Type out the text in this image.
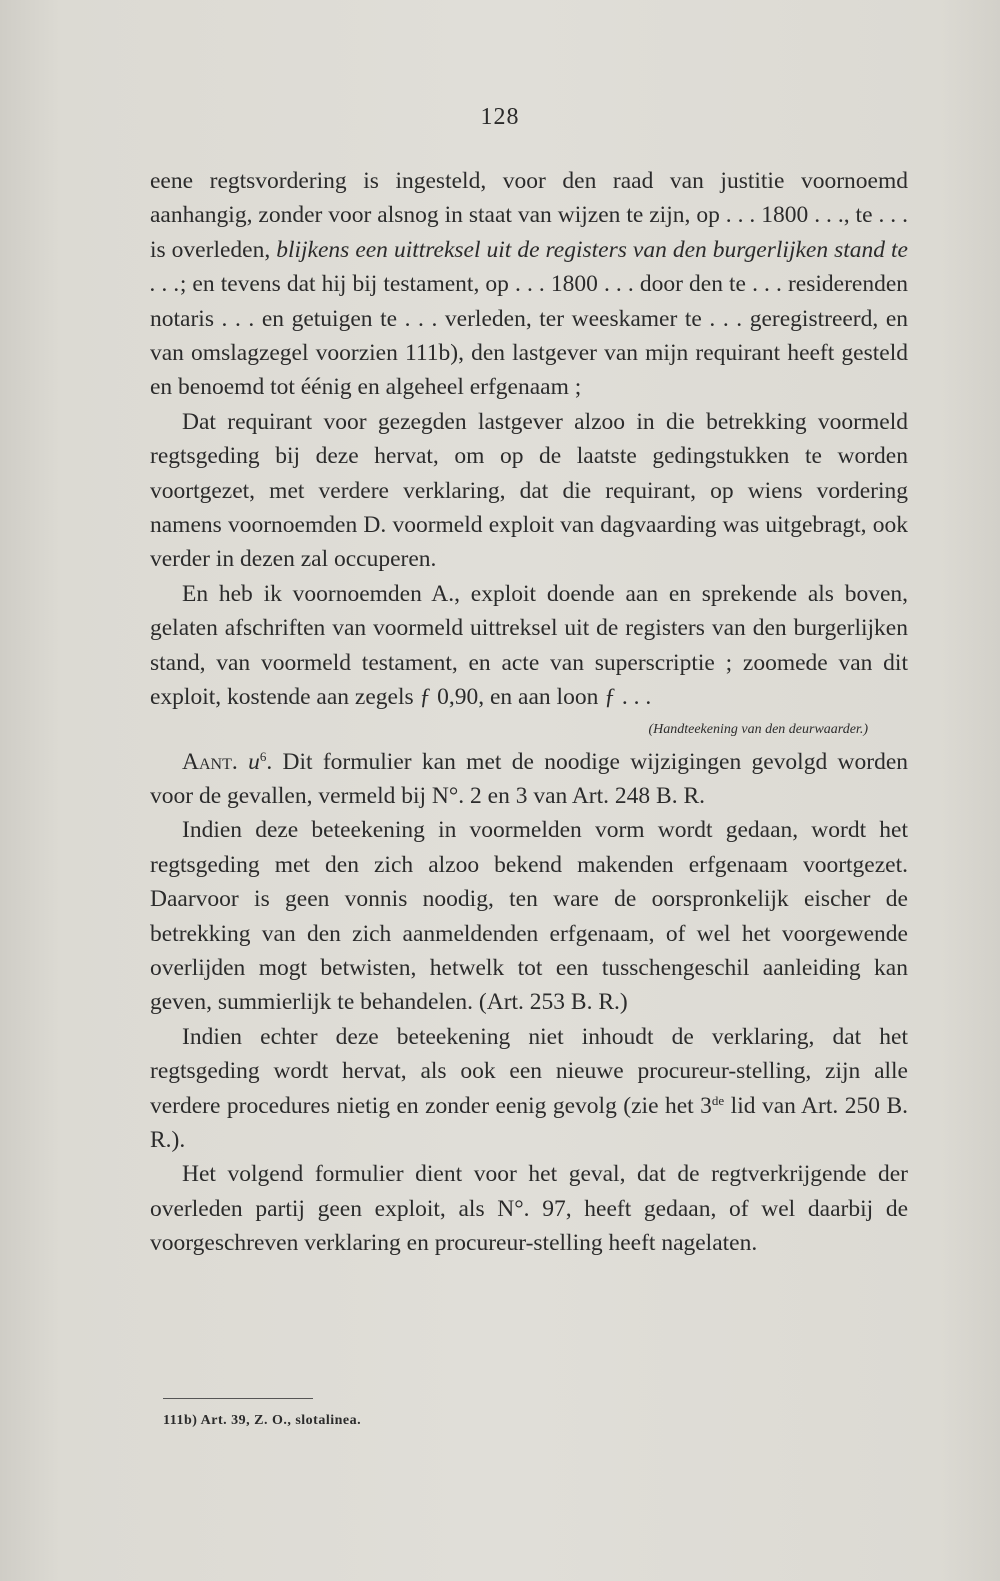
128

eene regtsvordering is ingesteld, voor den raad van justitie voornoemd aanhangig, zonder voor alsnog in staat van wijzen te zijn, op . . . 1800 . . ., te . . . is overleden, blijkens een uittreksel uit de registers van den burgerlijken stand te . . .; en tevens dat hij bij testament, op . . . 1800 . . . door den te . . . residerenden notaris . . . en getuigen te . . . verleden, ter weeskamer te . . . geregistreerd, en van omslagzegel voorzien 111b), den lastgever van mijn requirant heeft gesteld en benoemd tot éénig en algeheel erfgenaam ;

Dat requirant voor gezegden lastgever alzoo in die betrekking voormeld regtsgeding bij deze hervat, om op de laatste gedingstukken te worden voortgezet, met verdere verklaring, dat die requirant, op wiens vordering namens voornoemden D. voormeld exploit van dagvaarding was uitgebragt, ook verder in dezen zal occuperen.

En heb ik voornoemden A., exploit doende aan en sprekende als boven, gelaten afschriften van voormeld uittreksel uit de registers van den burgerlijken stand, van voormeld testament, en acte van superscriptie ; zoomede van dit exploit, kostende aan zegels ƒ 0,90, en aan loon ƒ . . .

(Handteekening van den deurwaarder.)

Aant. $u^6$. Dit formulier kan met de noodige wijzigingen gevolgd worden voor de gevallen, vermeld bij N°. 2 en 3 van Art. 248 B. R.

Indien deze beteekening in voormelden vorm wordt gedaan, wordt het regtsgeding met den zich alzoo bekend makenden erfgenaam voortgezet. Daarvoor is geen vonnis noodig, ten ware de oorspronkelijk eischer de betrekking van den zich aanmeldenden erfgenaam, of wel het voorgewende overlijden mogt betwisten, hetwelk tot een tusschengeschil aanleiding kan geven, summierlijk te behandelen. (Art. 253 B. R.)

Indien echter deze beteekening niet inhoudt de verklaring, dat het regtsgeding wordt hervat, als ook een nieuwe procureur-stelling, zijn alle verdere procedures nietig en zonder eenig gevolg (zie het 3de lid van Art. 250 B. R.).

Het volgend formulier dient voor het geval, dat de regtverkrijgende der overleden partij geen exploit, als N°. 97, heeft gedaan, of wel daarbij de voorgeschreven verklaring en procureur-stelling heeft nagelaten.

111b) Art. 39, Z. O., slotalinea.
